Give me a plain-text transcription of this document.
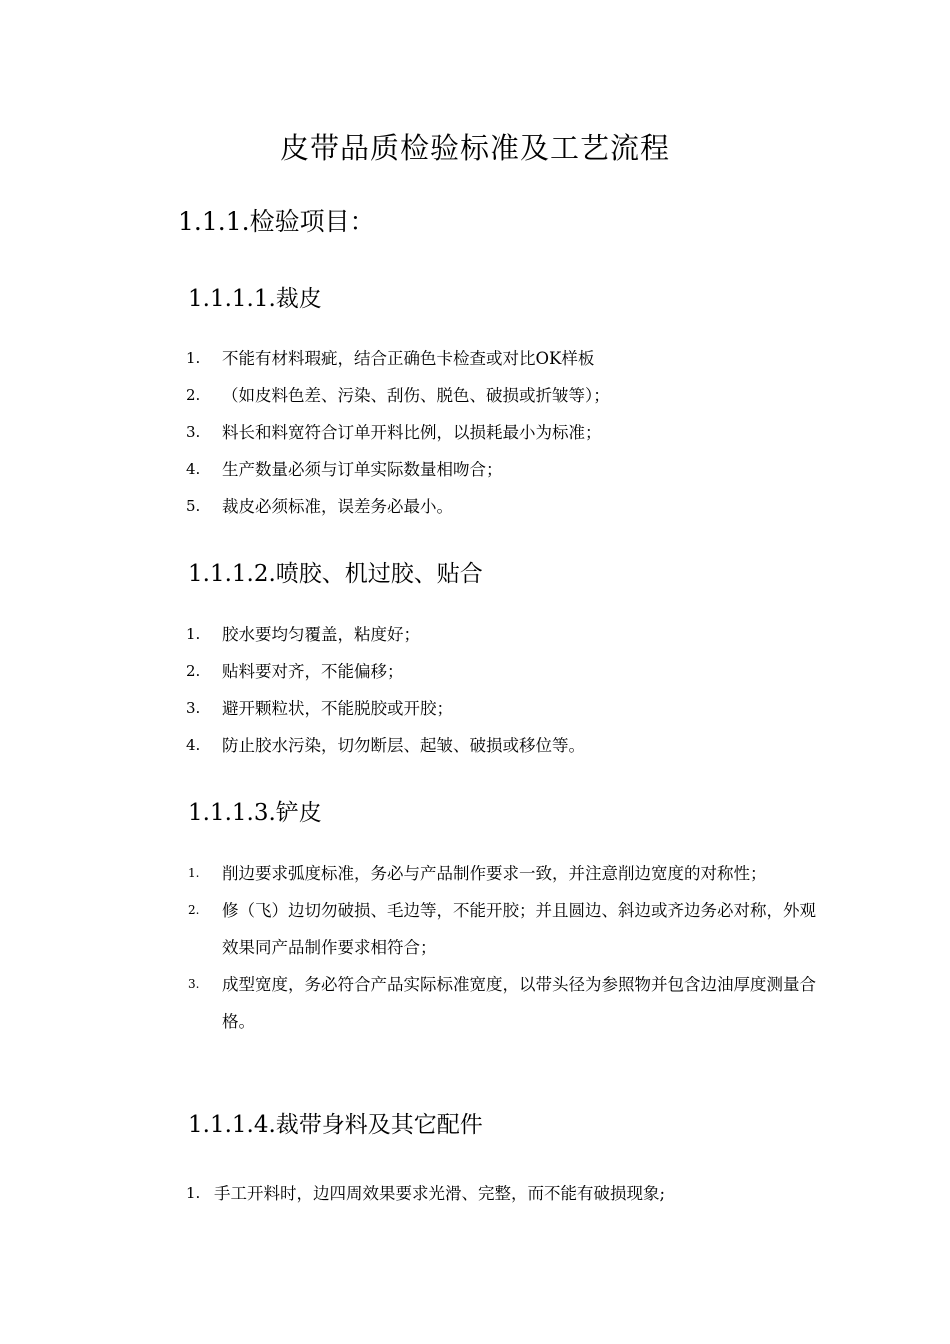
皮带品质检验标准及工艺流程
1.1.1.检验项目：
1.1.1.1.裁皮
1. 不能有材料瑕疵，结合正确色卡检查或对比OK样板
2. （如皮料色差、污染、刮伤、脱色、破损或折皱等）；
3. 料长和料宽符合订单开料比例，以损耗最小为标准；
4. 生产数量必须与订单实际数量相吻合；
5. 裁皮必须标准，误差务必最小。
1.1.1.2.喷胶、机过胶、贴合
1. 胶水要均匀覆盖，粘度好；
2. 贴料要对齐，不能偏移；
3. 避开颗粒状，不能脱胶或开胶；
4. 防止胶水污染，切勿断层、起皱、破损或移位等。
1.1.1.3.铲皮
1. 削边要求弧度标准，务必与产品制作要求一致，并注意削边宽度的对称性；
2. 修（飞）边切勿破损、毛边等，不能开胶；并且圆边、斜边或齐边务必对称，外观效果同产品制作要求相符合；
3. 成型宽度，务必符合产品实际标准宽度，以带头径为参照物并包含边油厚度测量合格。
1.1.1.4.裁带身料及其它配件
1. 手工开料时，边四周效果要求光滑、完整，而不能有破损现象;
